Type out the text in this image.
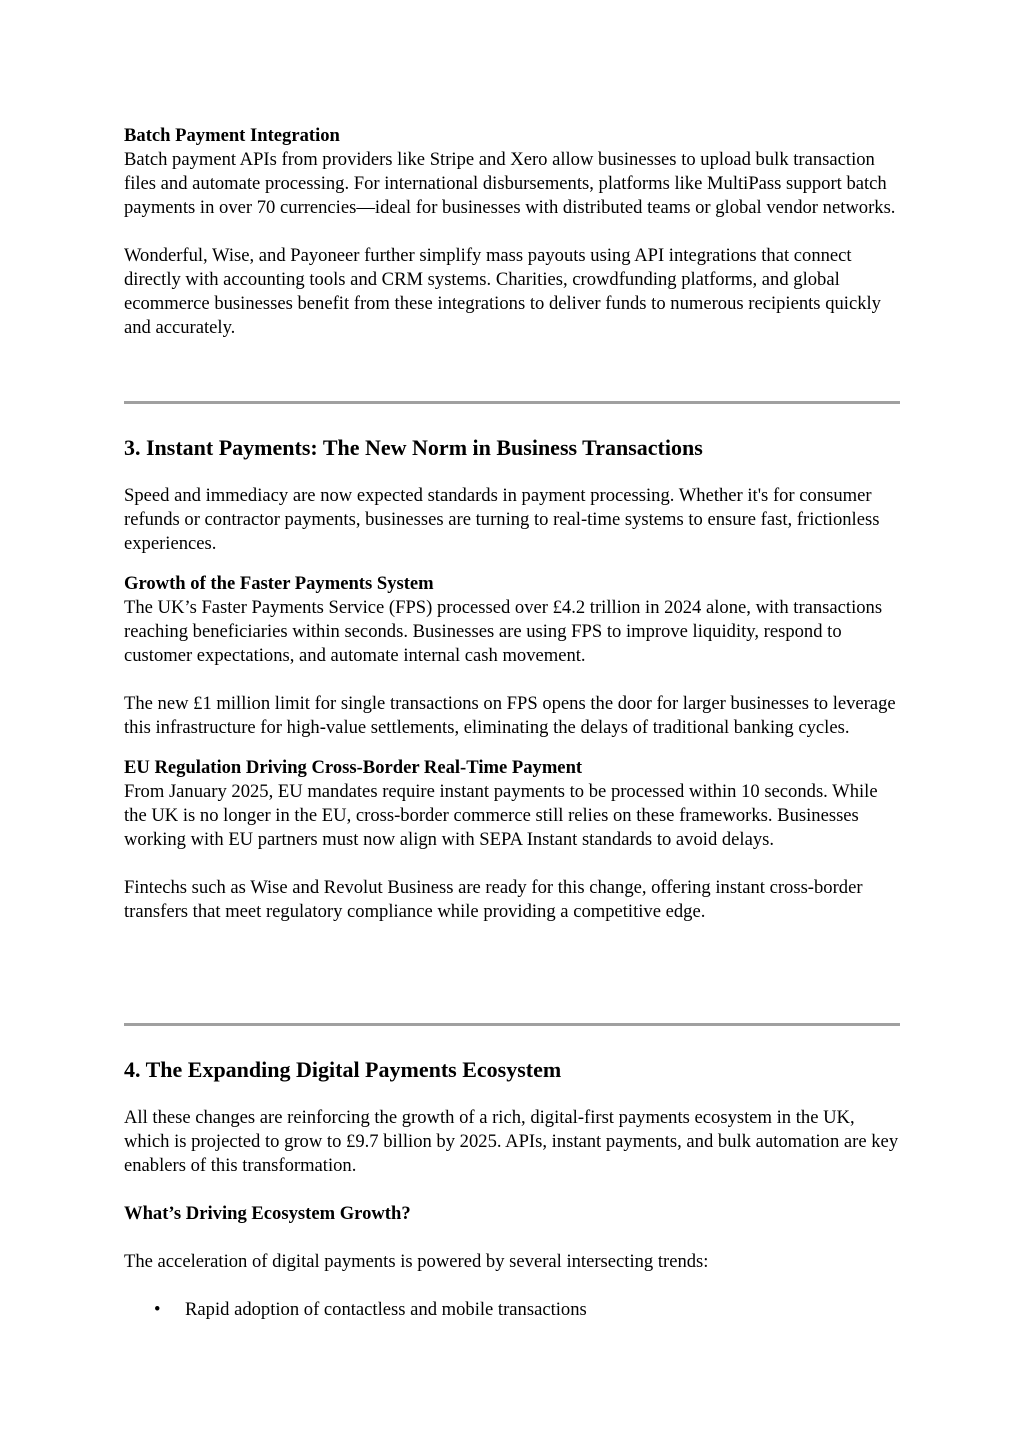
Batch Payment Integration

Batch payment APIs from providers like Stripe and Xero allow businesses to upload bulk transaction files and automate processing. For international disbursements, platforms like MultiPass support batch payments in over 70 currencies—ideal for businesses with distributed teams or global vendor networks.

Wonderful, Wise, and Payoneer further simplify mass payouts using API integrations that connect directly with accounting tools and CRM systems. Charities, crowdfunding platforms, and global ecommerce businesses benefit from these integrations to deliver funds to numerous recipients quickly and accurately.

3. Instant Payments: The New Norm in Business Transactions

Speed and immediacy are now expected standards in payment processing. Whether it's for consumer refunds or contractor payments, businesses are turning to real-time systems to ensure fast, frictionless experiences.

Growth of the Faster Payments System

The UK’s Faster Payments Service (FPS) processed over £4.2 trillion in 2024 alone, with transactions reaching beneficiaries within seconds. Businesses are using FPS to improve liquidity, respond to customer expectations, and automate internal cash movement.

The new £1 million limit for single transactions on FPS opens the door for larger businesses to leverage this infrastructure for high-value settlements, eliminating the delays of traditional banking cycles.

EU Regulation Driving Cross-Border Real-Time Payment

From January 2025, EU mandates require instant payments to be processed within 10 seconds. While the UK is no longer in the EU, cross-border commerce still relies on these frameworks. Businesses working with EU partners must now align with SEPA Instant standards to avoid delays.

Fintechs such as Wise and Revolut Business are ready for this change, offering instant cross-border transfers that meet regulatory compliance while providing a competitive edge.

4. The Expanding Digital Payments Ecosystem

All these changes are reinforcing the growth of a rich, digital-first payments ecosystem in the UK, which is projected to grow to £9.7 billion by 2025. APIs, instant payments, and bulk automation are key enablers of this transformation.

What’s Driving Ecosystem Growth?

The acceleration of digital payments is powered by several intersecting trends:

• Rapid adoption of contactless and mobile transactions
